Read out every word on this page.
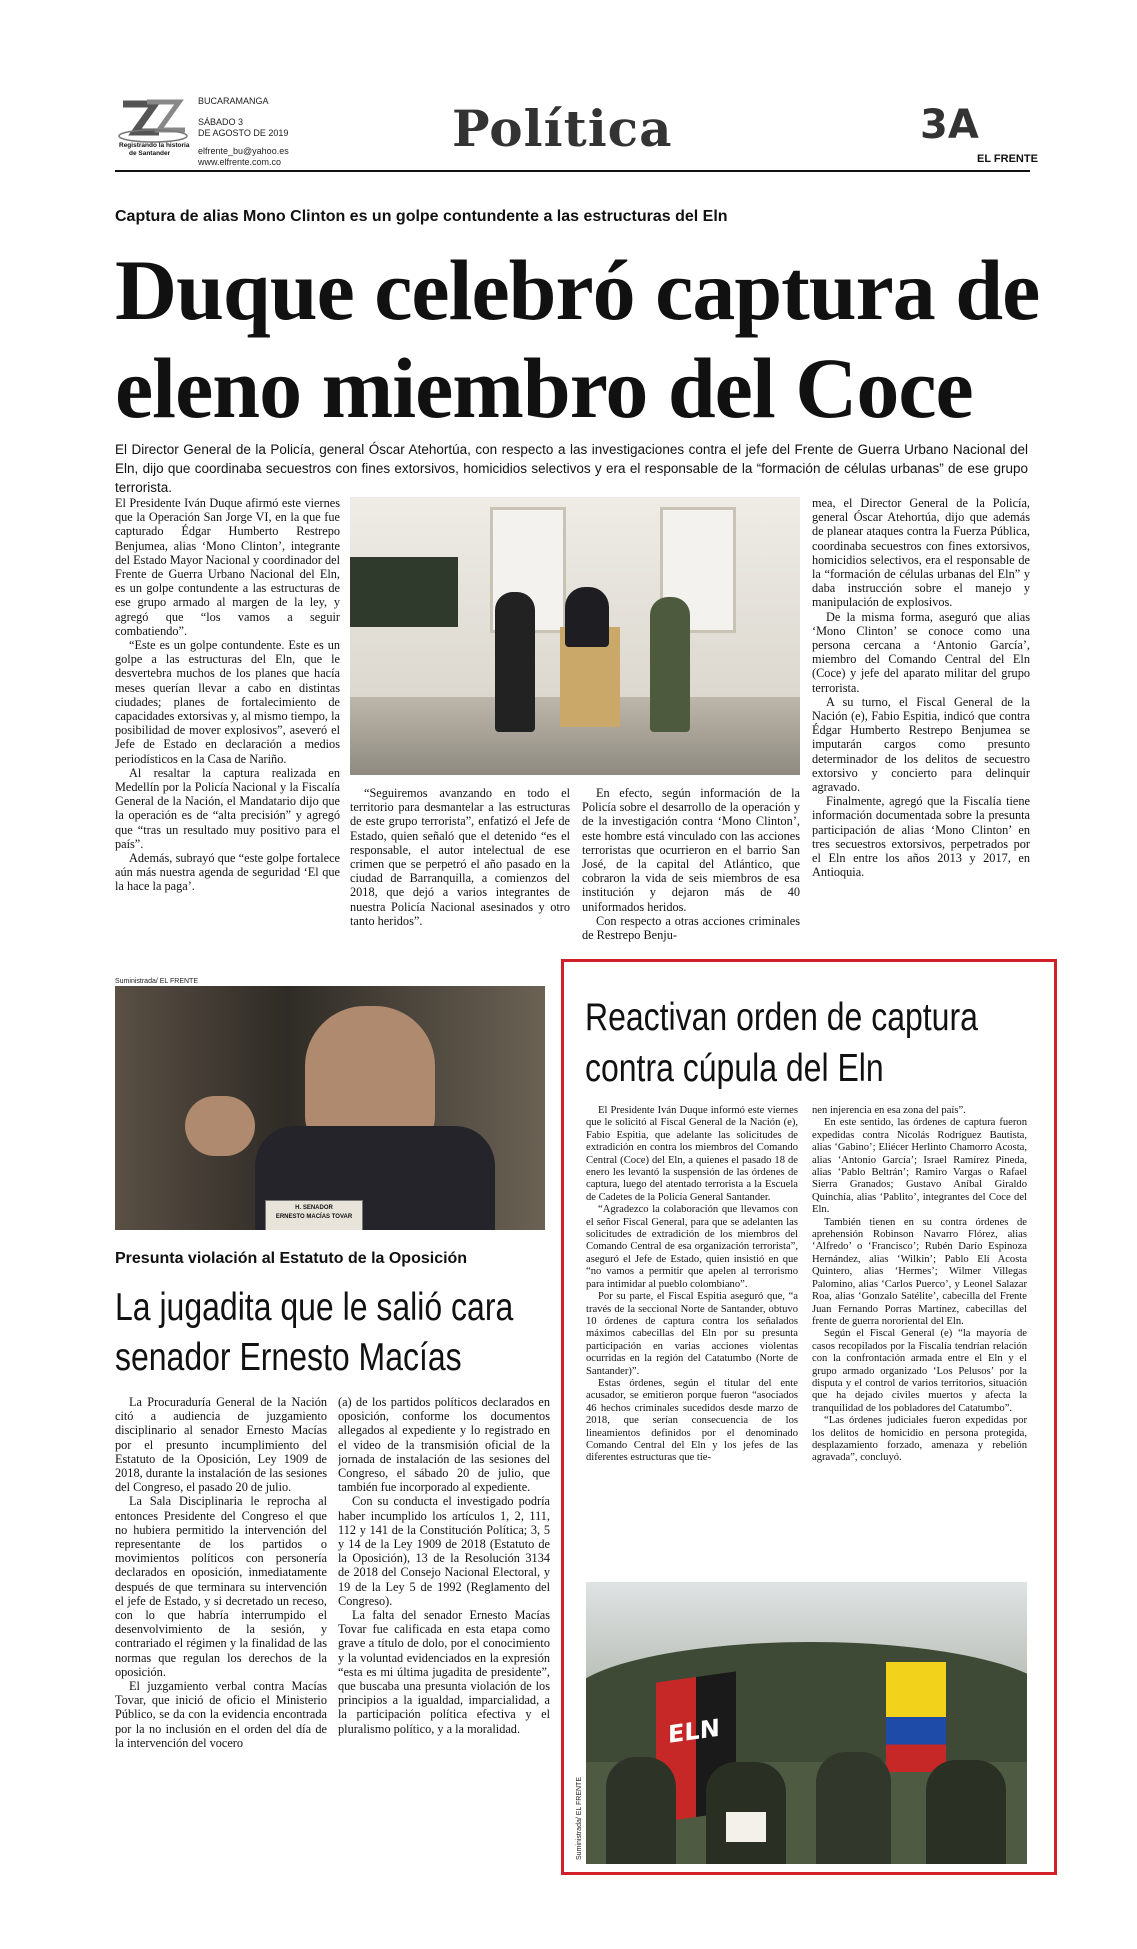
Registrando la historia
de Santander
BUCARAMANGA
SÁBADO 3
DE AGOSTO DE 2019
elfrente_bu@yahoo.es
www.elfrente.com.co
Política	3A
EL FRENTE
Captura de alias Mono Clinton es un golpe contundente a las estructuras del Eln
Duque celebró captura de
eleno miembro del Coce
El Director General de la Policía, general Óscar Atehortúa, con respecto a las investigaciones contra el jefe del Frente de Guerra Urbano Nacional del Eln, dijo que coordinaba secuestros con fines extorsivos, homicidios selectivos y era el responsable de la “formación de células urbanas” de ese grupo terrorista.

El Presidente Iván Duque afirmó este viernes que la Operación San Jorge VI, en la que fue capturado Édgar Humberto Restrepo Benjumea, alias ‘Mono Clinton’, integrante del Estado Mayor Nacional y coordinador del Frente de Guerra Urbano Nacional del Eln, es un golpe contundente a las estructuras de ese grupo armado al margen de la ley, y agregó que “los vamos a seguir combatiendo”.

“Este es un golpe contundente. Este es un golpe a las estructuras del Eln, que le desvertebra muchos de los planes que hacía meses querían llevar a cabo en distintas ciudades; planes de fortalecimiento de capacidades extorsivas y, al mismo tiempo, la posibilidad de mover explosivos”, aseveró el Jefe de Estado en declaración a medios periodísticos en la Casa de Nariño.

Al resaltar la captura realizada en Medellín por la Policía Nacional y la Fiscalía General de la Nación, el Mandatario dijo que la operación es de “alta precisión” y agregó que “tras un resultado muy positivo para el país”.

Además, subrayó que “este golpe fortalece aún más nuestra agenda de seguridad ‘El que la hace la paga’.

“Seguiremos avanzando en todo el territorio para desmantelar a las estructuras de este grupo terrorista”, enfatizó el Jefe de Estado, quien señaló que el detenido “es el responsable, el autor intelectual de ese crimen que se perpetró el año pasado en la ciudad de Barranquilla, a comienzos del 2018, que dejó a varios integrantes de nuestra Policía Nacional asesinados y otro tanto heridos”.

En efecto, según información de la Policía sobre el desarrollo de la operación y de la investigación contra ‘Mono Clinton’, este hombre está vinculado con las acciones terroristas que ocurrieron en el barrio San José, de la capital del Atlántico, que cobraron la vida de seis miembros de esa institución y dejaron más de 40 uniformados heridos.

Con respecto a otras acciones criminales de Restrepo Benju-

mea, el Director General de la Policía, general Óscar Atehortúa, dijo que además de planear ataques contra la Fuerza Pública, coordinaba secuestros con fines extorsivos, homicidios selectivos, era el responsable de la “formación de células urbanas del Eln” y daba instrucción sobre el manejo y manipulación de explosivos.

De la misma forma, aseguró que alias ‘Mono Clinton’ se conoce como una persona cercana a ‘Antonio García’, miembro del Comando Central del Eln (Coce) y jefe del aparato militar del grupo terrorista.

A su turno, el Fiscal General de la Nación (e), Fabio Espitia, indicó que contra Édgar Humberto Restrepo Benjumea se imputarán cargos como presunto determinador de los delitos de secuestro extorsivo y concierto para delinquir agravado.

Finalmente, agregó que la Fiscalía tiene información documentada sobre la presunta participación de alias ‘Mono Clinton’ en tres secuestros extorsivos, perpetrados por el Eln entre los años 2013 y 2017, en Antioquia.

Suministrada/ EL FRENTE
H. SENADOR
ERNESTO MACÍAS TOVAR
Presunta violación al Estatuto de la Oposición
La jugadita que le salió cara
senador Ernesto Macías

La Procuraduría General de la Nación citó a audiencia de juzgamiento disciplinario al senador Ernesto Macías por el presunto incumplimiento del Estatuto de la Oposición, Ley 1909 de 2018, durante la instalación de las sesiones del Congreso, el pasado 20 de julio.

La Sala Disciplinaria le reprocha al entonces Presidente del Congreso el que no hubiera permitido la intervención del representante de los partidos o movimientos políticos con personería declarados en oposición, inmediatamente después de que terminara su intervención el jefe de Estado, y si decretado un receso, con lo que habría interrumpido el desenvolvimiento de la sesión, y contrariado el régimen y la finalidad de las normas que regulan los derechos de la oposición.

El juzgamiento verbal contra Macías Tovar, que inició de oficio el Ministerio Público, se da con la evidencia encontrada por la no inclusión en el orden del día de la intervención del vocero

(a) de los partidos políticos declarados en oposición, conforme los documentos allegados al expediente y lo registrado en el video de la transmisión oficial de la jornada de instalación de las sesiones del Congreso, el sábado 20 de julio, que también fue incorporado al expediente.

Con su conducta el investigado podría haber incumplido los artículos 1, 2, 111, 112 y 141 de la Constitución Política; 3, 5 y 14 de la Ley 1909 de 2018 (Estatuto de la Oposición), 13 de la Resolución 3134 de 2018 del Consejo Nacional Electoral, y 19 de la Ley 5 de 1992 (Reglamento del Congreso).

La falta del senador Ernesto Macías Tovar fue calificada en esta etapa como grave a título de dolo, por el conocimiento y la voluntad evidenciados en la expresión “esta es mi última jugadita de presidente”, que buscaba una presunta violación de los principios a la igualdad, imparcialidad, a la participación política efectiva y el pluralismo político, y a la moralidad.

Reactivan orden de captura
contra cúpula del Eln

El Presidente Iván Duque informó este viernes que le solicitó al Fiscal General de la Nación (e), Fabio Espitia, que adelante las solicitudes de extradición en contra los miembros del Comando Central (Coce) del Eln, a quienes el pasado 18 de enero les levantó la suspensión de las órdenes de captura, luego del atentado terrorista a la Escuela de Cadetes de la Policía General Santander.

“Agradezco la colaboración que llevamos con el señor Fiscal General, para que se adelanten las solicitudes de extradición de los miembros del Comando Central de esa organización terrorista”, aseguró el Jefe de Estado, quien insistió en que “no vamos a permitir que apelen al terrorismo para intimidar al pueblo colombiano”.

Por su parte, el Fiscal Espitia aseguró que, “a través de la seccional Norte de Santander, obtuvo 10 órdenes de captura contra los señalados máximos cabecillas del Eln por su presunta participación en varias acciones violentas ocurridas en la región del Catatumbo (Norte de Santander)”.

Estas órdenes, según el titular del ente acusador, se emitieron porque fueron “asociados 46 hechos criminales sucedidos desde marzo de 2018, que serían consecuencia de los lineamientos definidos por el denominado Comando Central del Eln y los jefes de las diferentes estructuras que tie-

nen injerencia en esa zona del país”.

En este sentido, las órdenes de captura fueron expedidas contra Nicolás Rodríguez Bautista, alias ‘Gabino’; Eliécer Herlinto Chamorro Acosta, alias ‘Antonio García’; Israel Ramírez Pineda, alias ‘Pablo Beltrán’; Ramiro Vargas o Rafael Sierra Granados; Gustavo Aníbal Giraldo Quinchía, alias ‘Pablito’, integrantes del Coce del Eln.

También tienen en su contra órdenes de aprehensión Robinson Navarro Flórez, alias ‘Alfredo’ o ‘Francisco’; Rubén Darío Espinoza Hernández, alias ‘Wilkin’; Pablo Elí Acosta Quintero, alias ‘Hermes’; Wilmer Villegas Palomino, alias ‘Carlos Puerco’, y Leonel Salazar Roa, alias ‘Gonzalo Satélite’, cabecilla del Frente Juan Fernando Porras Martínez, cabecillas del frente de guerra nororiental del Eln.

Según el Fiscal General (e) “la mayoría de casos recopilados por la Fiscalía tendrían relación con la confrontación armada entre el Eln y el grupo armado organizado ‘Los Pelusos’ por la disputa y el control de varios territorios, situación que ha dejado civiles muertos y afecta la tranquilidad de los pobladores del Catatumbo”.

“Las órdenes judiciales fueron expedidas por los delitos de homicidio en persona protegida, desplazamiento forzado, amenaza y rebelión agravada”, concluyó.

ELN
Suministrada/ EL FRENTE
